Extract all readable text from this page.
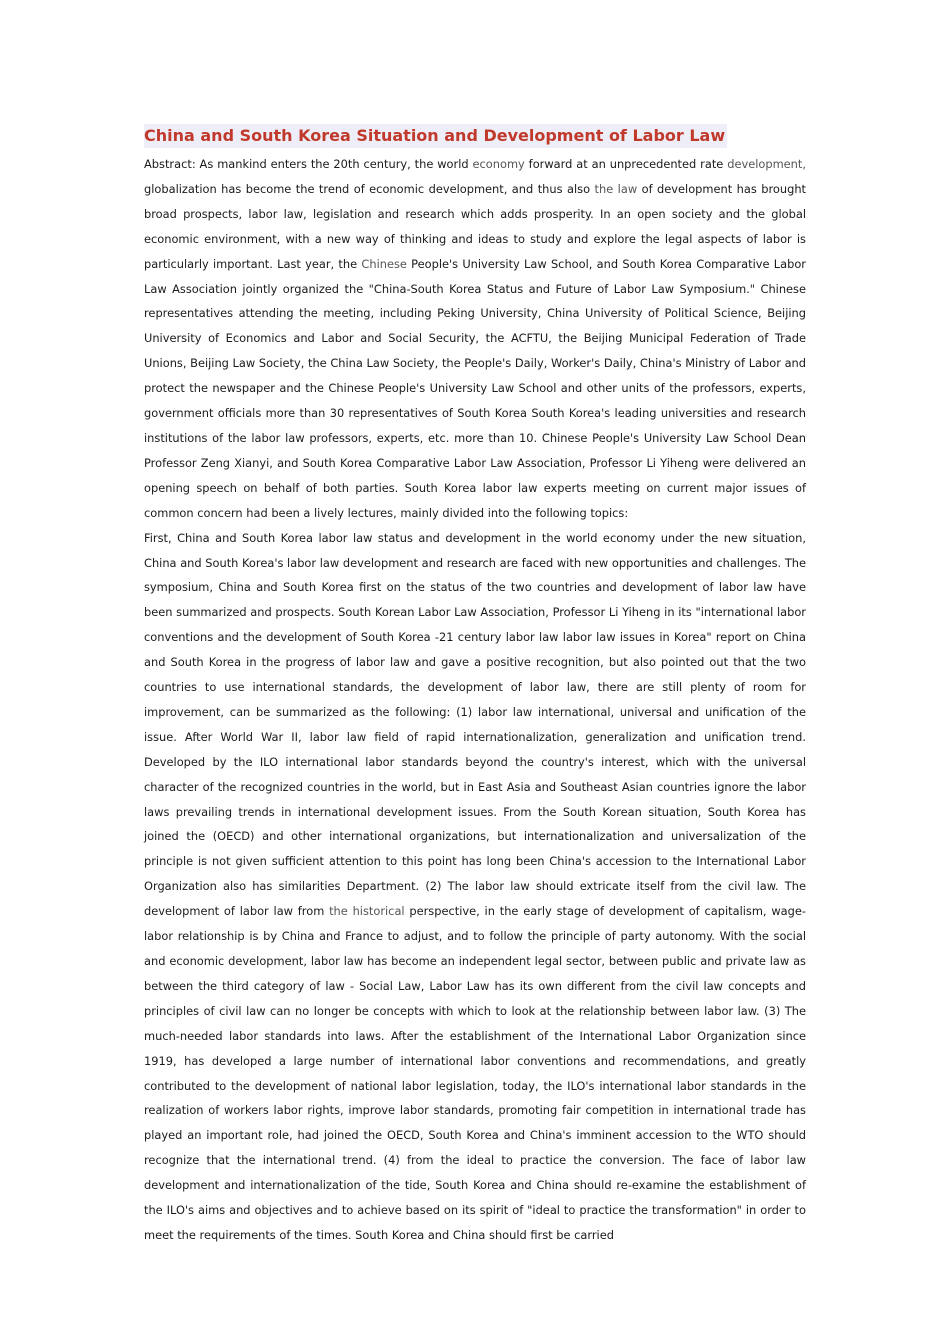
China and South Korea Situation and Development of Labor Law

Abstract: As mankind enters the 20th century, the world economy forward at an unprecedented rate development, globalization has become the trend of economic development, and thus also the law of development has brought broad prospects, labor law, legislation and research which adds prosperity. In an open society and the global economic environment, with a new way of thinking and ideas to study and explore the legal aspects of labor is particularly important. Last year, the Chinese People's University Law School, and South Korea Comparative Labor Law Association jointly organized the "China-South Korea Status and Future of Labor Law Symposium." Chinese representatives attending the meeting, including Peking University, China University of Political Science, Beijing University of Economics and Labor and Social Security, the ACFTU, the Beijing Municipal Federation of Trade Unions, Beijing Law Society, the China Law Society, the People's Daily, Worker's Daily, China's Ministry of Labor and protect the newspaper and the Chinese People's University Law School and other units of the professors, experts, government officials more than 30 representatives of South Korea South Korea's leading universities and research institutions of the labor law professors, experts, etc. more than 10. Chinese People's University Law School Dean Professor Zeng Xianyi, and South Korea Comparative Labor Law Association, Professor Li Yiheng were delivered an opening speech on behalf of both parties. South Korea labor law experts meeting on current major issues of common concern had been a lively lectures, mainly divided into the following topics:

First, China and South Korea labor law status and development in the world economy under the new situation, China and South Korea's labor law development and research are faced with new opportunities and challenges. The symposium, China and South Korea first on the status of the two countries and development of labor law have been summarized and prospects. South Korean Labor Law Association, Professor Li Yiheng in its "international labor conventions and the development of South Korea -21 century labor law labor law issues in Korea" report on China and South Korea in the progress of labor law and gave a positive recognition, but also pointed out that the two countries to use international standards, the development of labor law, there are still plenty of room for improvement, can be summarized as the following: (1) labor law international, universal and unification of the issue. After World War II, labor law field of rapid internationalization, generalization and unification trend. Developed by the ILO international labor standards beyond the country's interest, which with the universal character of the recognized countries in the world, but in East Asia and Southeast Asian countries ignore the labor laws prevailing trends in international development issues. From the South Korean situation, South Korea has joined the (OECD) and other international organizations, but internationalization and universalization of the principle is not given sufficient attention to this point has long been China's accession to the International Labor Organization also has similarities Department. (2) The labor law should extricate itself from the civil law. The development of labor law from the historical perspective, in the early stage of development of capitalism, wage-labor relationship is by China and France to adjust, and to follow the principle of party autonomy. With the social and economic development, labor law has become an independent legal sector, between public and private law as between the third category of law - Social Law, Labor Law has its own different from the civil law concepts and principles of civil law can no longer be concepts with which to look at the relationship between labor law. (3) The much-needed labor standards into laws. After the establishment of the International Labor Organization since 1919, has developed a large number of international labor conventions and recommendations, and greatly contributed to the development of national labor legislation, today, the ILO's international labor standards in the realization of workers labor rights, improve labor standards, promoting fair competition in international trade has played an important role, had joined the OECD, South Korea and China's imminent accession to the WTO should recognize that the international trend. (4) from the ideal to practice the conversion. The face of labor law development and internationalization of the tide, South Korea and China should re-examine the establishment of the ILO's aims and objectives and to achieve based on its spirit of "ideal to practice the transformation" in order to meet the requirements of the times. South Korea and China should first be carried
